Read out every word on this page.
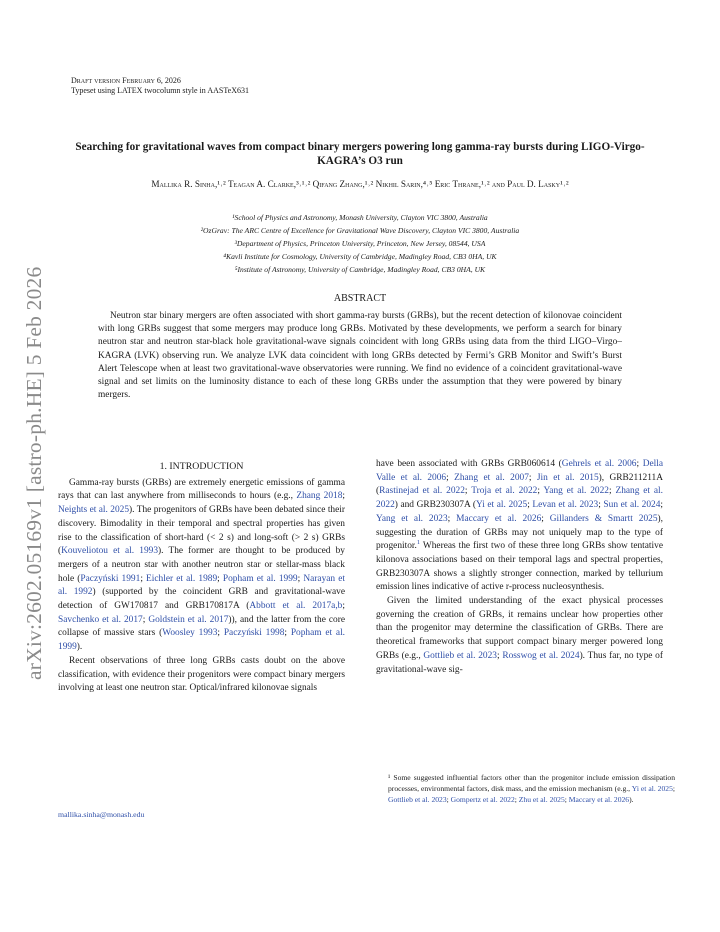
arXiv:2602.05169v1 [astro-ph.HE] 5 Feb 2026
Draft version February 6, 2026
Typeset using LATEX twocolumn style in AASTeX631
Searching for gravitational waves from compact binary mergers powering long gamma-ray bursts during LIGO-Virgo-KAGRA’s O3 run
Mallika R. Sinha,¹˒² Teagan A. Clarke,³˒¹˒² Qifang Zhang,¹˒² Nikhil Sarin,⁴˒⁵ Eric Thrane,¹˒² and Paul D. Lasky¹˒²
¹School of Physics and Astronomy, Monash University, Clayton VIC 3800, Australia
²OzGrav: The ARC Centre of Excellence for Gravitational Wave Discovery, Clayton VIC 3800, Australia
³Department of Physics, Princeton University, Princeton, New Jersey, 08544, USA
⁴Kavli Institute for Cosmology, University of Cambridge, Madingley Road, CB3 0HA, UK
⁵Institute of Astronomy, University of Cambridge, Madingley Road, CB3 0HA, UK
ABSTRACT

Neutron star binary mergers are often associated with short gamma-ray bursts (GRBs), but the recent detection of kilonovae coincident with long GRBs suggest that some mergers may produce long GRBs. Motivated by these developments, we perform a search for binary neutron star and neutron star-black hole gravitational-wave signals coincident with long GRBs using data from the third LIGO–Virgo–KAGRA (LVK) observing run. We analyze LVK data coincident with long GRBs detected by Fermi’s GRB Monitor and Swift’s Burst Alert Telescope when at least two gravitational-wave observatories were running. We find no evidence of a coincident gravitational-wave signal and set limits on the luminosity distance to each of these long GRBs under the assumption that they were powered by binary mergers.

1. INTRODUCTION

Gamma-ray bursts (GRBs) are extremely energetic emissions of gamma rays that can last anywhere from milliseconds to hours (e.g., Zhang 2018; Neights et al. 2025). The progenitors of GRBs have been debated since their discovery. Bimodality in their temporal and spectral properties has given rise to the classification of short-hard (< 2 s) and long-soft (> 2 s) GRBs (Kouveliotou et al. 1993). The former are thought to be produced by mergers of a neutron star with another neutron star or stellar-mass black hole (Paczyński 1991; Eichler et al. 1989; Popham et al. 1999; Narayan et al. 1992) (supported by the coincident GRB and gravitational-wave detection of GW170817 and GRB170817A (Abbott et al. 2017a,b; Savchenko et al. 2017; Goldstein et al. 2017)), and the latter from the core collapse of massive stars (Woosley 1993; Paczyński 1998; Popham et al. 1999).

Recent observations of three long GRBs casts doubt on the above classification, with evidence their progenitors were compact binary mergers involving at least one neutron star. Optical/infrared kilonovae signals

have been associated with GRBs GRB060614 (Gehrels et al. 2006; Della Valle et al. 2006; Zhang et al. 2007; Jin et al. 2015), GRB211211A (Rastinejad et al. 2022; Troja et al. 2022; Yang et al. 2022; Zhang et al. 2022) and GRB230307A (Yi et al. 2025; Levan et al. 2023; Sun et al. 2024; Yang et al. 2023; Maccary et al. 2026; Gillanders & Smartt 2025), suggesting the duration of GRBs may not uniquely map to the type of progenitor.$^1$ Whereas the first two of these three long GRBs show tentative kilonova associations based on their temporal lags and spectral properties, GRB230307A shows a slightly stronger connection, marked by tellurium emission lines indicative of active r-process nucleosynthesis.

Given the limited understanding of the exact physical processes governing the creation of GRBs, it remains unclear how properties other than the progenitor may determine the classification of GRBs. There are theoretical frameworks that support compact binary merger powered long GRBs (e.g., Gottlieb et al. 2023; Rosswog et al. 2024). Thus far, no type of gravitational-wave sig-

mallika.sinha@monash.edu
¹ Some suggested influential factors other than the progenitor include emission dissipation processes, environmental factors, disk mass, and the emission mechanism (e.g., Yi et al. 2025; Gottlieb et al. 2023; Gompertz et al. 2022; Zhu et al. 2025; Maccary et al. 2026).
